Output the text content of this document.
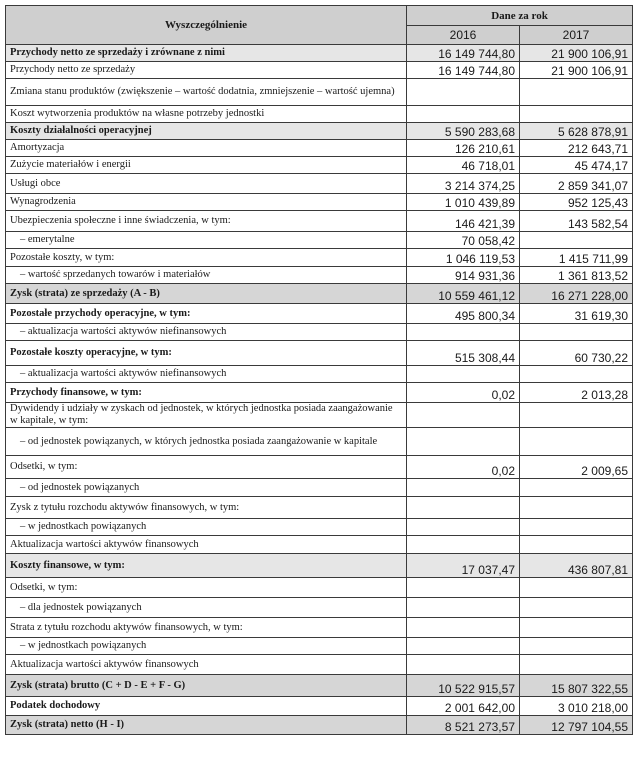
Wyszczególnienie	Dane za rok	
	2016	2017
Przychody netto ze sprzedaży i zrównane z nimi	16 149 744,80	21 900 106,91
Przychody netto ze sprzedaży	16 149 744,80	21 900 106,91
Zmiana stanu produktów (zwiększenie – wartość dodatnia, zmniejszenie – wartość ujemna)		
Koszt wytworzenia produktów na własne potrzeby jednostki		
Koszty działalności operacyjnej	5 590 283,68	5 628 878,91
Amortyzacja	126 210,61	212 643,71
Zużycie materiałów i energii	46 718,01	45 474,17
Usługi obce	3 214 374,25	2 859 341,07
Wynagrodzenia	1 010 439,89	952 125,43
Ubezpieczenia społeczne i inne świadczenia, w tym:	146 421,39	143 582,54
– emerytalne	70 058,42	
Pozostałe koszty, w tym:	1 046 119,53	1 415 711,99
– wartość sprzedanych towarów i materiałów	914 931,36	1 361 813,52
Zysk (strata) ze sprzedaży (A - B)	10 559 461,12	16 271 228,00
Pozostałe przychody operacyjne, w tym:	495 800,34	31 619,30
– aktualizacja wartości aktywów niefinansowych		
Pozostałe koszty operacyjne, w tym:	515 308,44	60 730,22
– aktualizacja wartości aktywów niefinansowych		
Przychody finansowe, w tym:	0,02	2 013,28
Dywidendy i udziały w zyskach od jednostek, w których jednostka posiada zaangażowanie w kapitale, w tym:		
– od jednostek powiązanych, w których jednostka posiada zaangażowanie w kapitale		
Odsetki, w tym:	0,02	2 009,65
– od jednostek powiązanych		
Zysk z tytułu rozchodu aktywów finansowych, w tym:		
– w jednostkach powiązanych		
Aktualizacja wartości aktywów finansowych		
Koszty finansowe, w tym:	17 037,47	436 807,81
Odsetki, w tym:		
– dla jednostek powiązanych		
Strata z tytułu rozchodu aktywów finansowych, w tym:		
– w jednostkach powiązanych		
Aktualizacja wartości aktywów finansowych		
Zysk (strata) brutto (C + D - E + F - G)	10 522 915,57	15 807 322,55
Podatek dochodowy	2 001 642,00	3 010 218,00
Zysk (strata) netto (H - I)	8 521 273,57	12 797 104,55
